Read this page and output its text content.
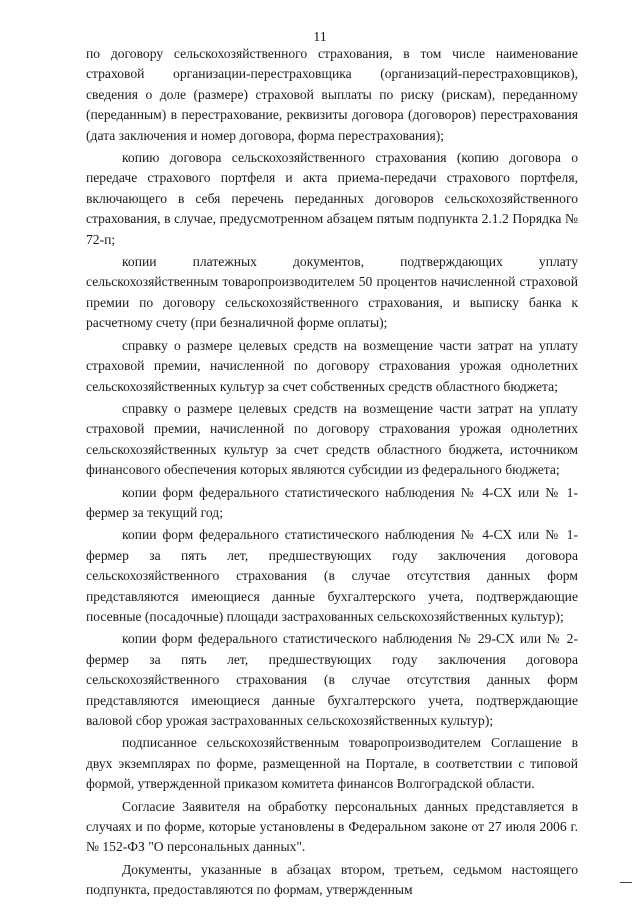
11

по договору сельскохозяйственного страхования, в том числе наименование страховой организации-перестраховщика (организаций-перестраховщиков), сведения о доле (размере) страховой выплаты по риску (рискам), переданному (переданным) в перестрахование, реквизиты договора (договоров) перестрахования (дата заключения и номер договора, форма перестрахования);

копию договора сельскохозяйственного страхования (копию договора о передаче страхового портфеля и акта приема-передачи страхового портфеля, включающего в себя перечень переданных договоров сельскохозяйственного страхования, в случае, предусмотренном абзацем пятым подпункта 2.1.2 Порядка № 72-п;

копии платежных документов, подтверждающих уплату сельскохозяйственным товаропроизводителем 50 процентов начисленной страховой премии по договору сельскохозяйственного страхования, и выписку банка к расчетному счету (при безналичной форме оплаты);

справку о размере целевых средств на возмещение части затрат на уплату страховой премии, начисленной по договору страхования урожая однолетних сельскохозяйственных культур за счет собственных средств областного бюджета;

справку о размере целевых средств на возмещение части затрат на уплату страховой премии, начисленной по договору страхования урожая однолетних сельскохозяйственных культур за счет средств областного бюджета, источником финансового обеспечения которых являются субсидии из федерального бюджета;

копии форм федерального статистического наблюдения № 4-СХ или № 1-фермер за текущий год;

копии форм федерального статистического наблюдения № 4-СХ или № 1-фермер за пять лет, предшествующих году заключения договора сельскохозяйственного страхования (в случае отсутствия данных форм представляются имеющиеся данные бухгалтерского учета, подтверждающие посевные (посадочные) площади застрахованных сельскохозяйственных культур);

копии форм федерального статистического наблюдения № 29-СХ или № 2-фермер за пять лет, предшествующих году заключения договора сельскохозяйственного страхования (в случае отсутствия данных форм представляются имеющиеся данные бухгалтерского учета, подтверждающие валовой сбор урожая застрахованных сельскохозяйственных культур);

подписанное сельскохозяйственным товаропроизводителем Соглашение в двух экземплярах по форме, размещенной на Портале, в соответствии с типовой формой, утвержденной приказом комитета финансов Волгоградской области.

Согласие Заявителя на обработку персональных данных представляется в случаях и по форме, которые установлены в Федеральном законе от 27 июля 2006 г. № 152-ФЗ "О персональных данных".

Документы, указанные в абзацах втором, третьем, седьмом настоящего подпункта, предоставляются по формам, утвержденным
